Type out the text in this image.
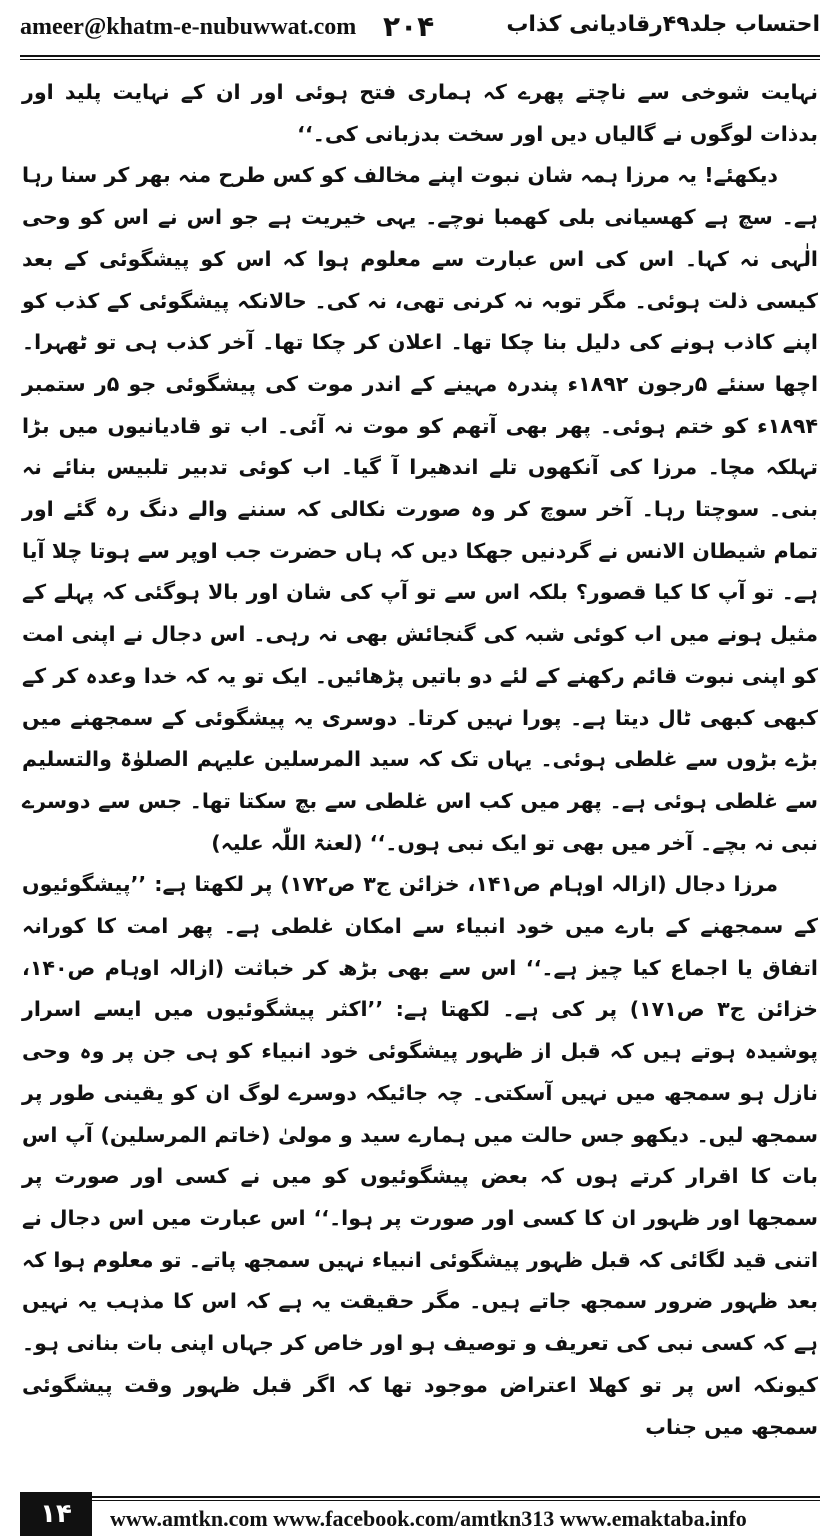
ameer@khatm-e-nubuwwat.com ۲۰۴	احتساب جلد۴۹رقادیانی کذاب

نہایت شوخی سے ناچتے پھرے کہ ہماری فتح ہوئی اور ان کے نہایت پلید اور بدذات لوگوں نے گالیاں دیں اور سخت بدزبانی کی۔‘‘

دیکھئے! یہ مرزا ہمہ شان نبوت اپنے مخالف کو کس طرح منہ بھر کر سنا رہا ہے۔ سچ ہے کھسیانی بلی کھمبا نوچے۔ یہی خیریت ہے جو اس نے اس کو وحی الٰہی نہ کہا۔ اس کی اس عبارت سے معلوم ہوا کہ اس کو پیشگوئی کے بعد کیسی ذلت ہوئی۔ مگر توبہ نہ کرنی تھی، نہ کی۔ حالانکہ پیشگوئی کے کذب کو اپنے کاذب ہونے کی دلیل بنا چکا تھا۔ اعلان کر چکا تھا۔ آخر کذب ہی تو ٹھہرا۔ اچھا سنئے ۵رجون ۱۸۹۲ء پندرہ مہینے کے اندر موت کی پیشگوئی جو ۵ر ستمبر ۱۸۹۴ء کو ختم ہوئی۔ پھر بھی آتھم کو موت نہ آئی۔ اب تو قادیانیوں میں بڑا تہلکہ مچا۔ مرزا کی آنکھوں تلے اندھیرا آ گیا۔ اب کوئی تدبیر تلبیس بنائے نہ بنی۔ سوچتا رہا۔ آخر سوچ کر وہ صورت نکالی کہ سننے والے دنگ رہ گئے اور تمام شیطان الانس نے گردنیں جھکا دیں کہ ہاں حضرت جب اوپر سے ہوتا چلا آیا ہے۔ تو آپ کا کیا قصور؟ بلکہ اس سے تو آپ کی شان اور بالا ہوگئی کہ پہلے کے مثیل ہونے میں اب کوئی شبہ کی گنجائش بھی نہ رہی۔ اس دجال نے اپنی امت کو اپنی نبوت قائم رکھنے کے لئے دو باتیں پڑھائیں۔ ایک تو یہ کہ خدا وعدہ کر کے کبھی کبھی ٹال دیتا ہے۔ پورا نہیں کرتا۔ دوسری یہ پیشگوئی کے سمجھنے میں بڑے بڑوں سے غلطی ہوئی۔ یہاں تک کہ سید المرسلین علیہم الصلوٰۃ والتسلیم سے غلطی ہوئی ہے۔ پھر میں کب اس غلطی سے بچ سکتا تھا۔ جس سے دوسرے نبی نہ بچے۔ آخر میں بھی تو ایک نبی ہوں۔‘‘ (لعنۃ اللّٰہ علیہ)

مرزا دجال (ازالہ اوہام ص۱۴۱، خزائن ج۳ ص۱۷۲) پر لکھتا ہے: ’’پیشگوئیوں کے سمجھنے کے بارے میں خود انبیاء سے امکان غلطی ہے۔ پھر امت کا کورانہ اتفاق یا اجماع کیا چیز ہے۔‘‘ اس سے بھی بڑھ کر خباثت (ازالہ اوہام ص۱۴۰، خزائن ج۳ ص۱۷۱) پر کی ہے۔ لکھتا ہے: ’’اکثر پیشگوئیوں میں ایسے اسرار پوشیدہ ہوتے ہیں کہ قبل از ظہور پیشگوئی خود انبیاء کو ہی جن پر وہ وحی نازل ہو سمجھ میں نہیں آسکتی۔ چہ جائیکہ دوسرے لوگ ان کو یقینی طور پر سمجھ لیں۔ دیکھو جس حالت میں ہمارے سید و مولیٰ (خاتم المرسلین) آپ اس بات کا اقرار کرتے ہوں کہ بعض پیشگوئیوں کو میں نے کسی اور صورت پر سمجھا اور ظہور ان کا کسی اور صورت پر ہوا۔‘‘ اس عبارت میں اس دجال نے اتنی قید لگائی کہ قبل ظہور پیشگوئی انبیاء نہیں سمجھ پاتے۔ تو معلوم ہوا کہ بعد ظہور ضرور سمجھ جاتے ہیں۔ مگر حقیقت یہ ہے کہ اس کا مذہب یہ نہیں ہے کہ کسی نبی کی تعریف و توصیف ہو اور خاص کر جہاں اپنی بات بنانی ہو۔ کیونکہ اس پر تو کھلا اعتراض موجود تھا کہ اگر قبل ظہور وقت پیشگوئی سمجھ میں جناب

۱۴	www.amtkn.com www.facebook.com/amtkn313 www.emaktaba.info
